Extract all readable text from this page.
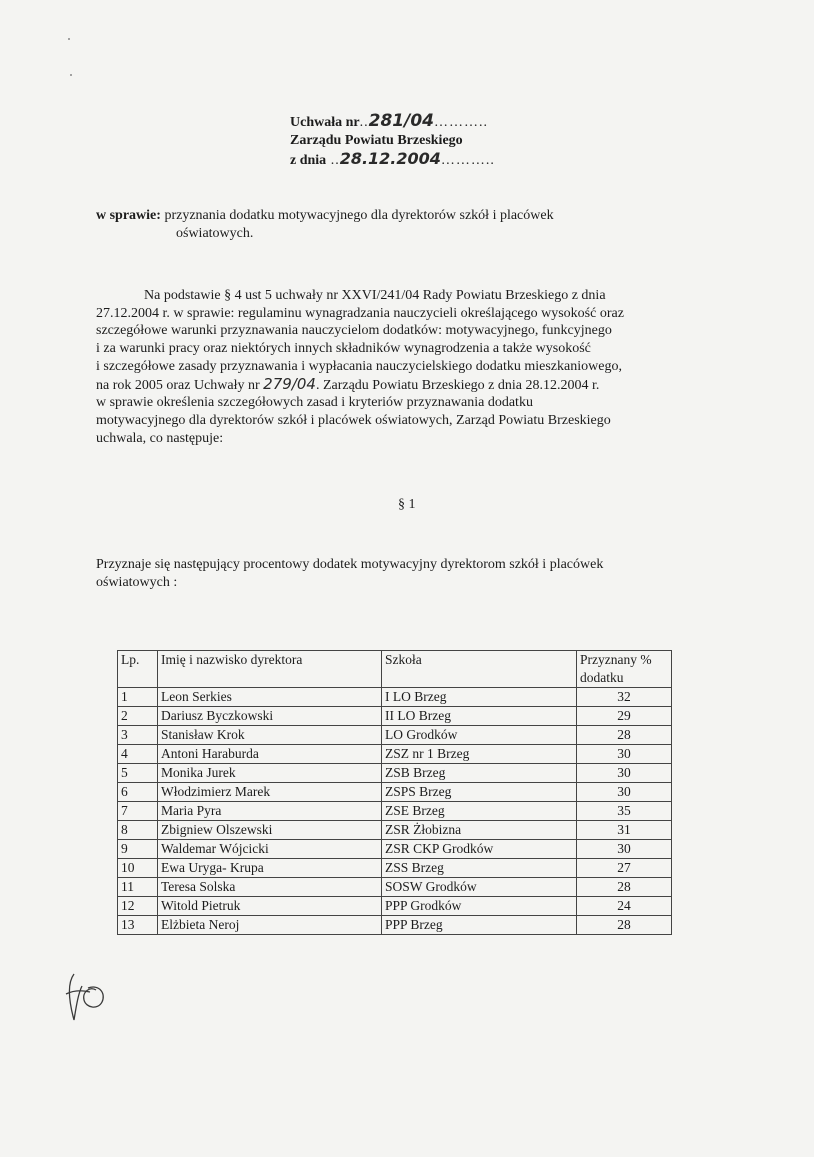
Uchwała nr..281/04………..
Zarządu Powiatu Brzeskiego
z dnia ..28.12.2004………..
w sprawie: przyznania dodatku motywacyjnego dla dyrektorów szkół i placówek
oświatowych.
Na podstawie § 4 ust 5 uchwały nr XXVI/241/04 Rady Powiatu Brzeskiego z dnia
27.12.2004 r. w sprawie: regulaminu wynagradzania nauczycieli określającego wysokość oraz
szczegółowe warunki przyznawania nauczycielom dodatków: motywacyjnego, funkcyjnego
i za warunki pracy oraz niektórych innych składników wynagrodzenia a także wysokość
i szczegółowe zasady przyznawania i wypłacania nauczycielskiego dodatku mieszkaniowego,
na rok 2005 oraz Uchwały nr 279/04. Zarządu Powiatu Brzeskiego z dnia 28.12.2004 r.
w sprawie określenia szczegółowych zasad i kryteriów przyznawania dodatku
motywacyjnego dla dyrektorów szkół i placówek oświatowych, Zarząd Powiatu Brzeskiego
uchwala, co następuje:
§ 1
Przyznaje się następujący procentowy dodatek motywacyjny dyrektorom szkół i placówek
oświatowych :
Lp.	Imię i nazwisko dyrektora	Szkoła	Przyznany % dodatku
1	Leon Serkies	I LO Brzeg	32
2	Dariusz Byczkowski	II LO Brzeg	29
3	Stanisław Krok	LO Grodków	28
4	Antoni Haraburda	ZSZ nr 1 Brzeg	30
5	Monika Jurek	ZSB Brzeg	30
6	Włodzimierz Marek	ZSPS Brzeg	30
7	Maria Pyra	ZSE Brzeg	35
8	Zbigniew Olszewski	ZSR Żłobizna	31
9	Waldemar Wójcicki	ZSR CKP Grodków	30
10	Ewa Uryga- Krupa	ZSS Brzeg	27
11	Teresa Solska	SOSW Grodków	28
12	Witold Pietruk	PPP Grodków	24
13	Elżbieta Neroj	PPP Brzeg	28
